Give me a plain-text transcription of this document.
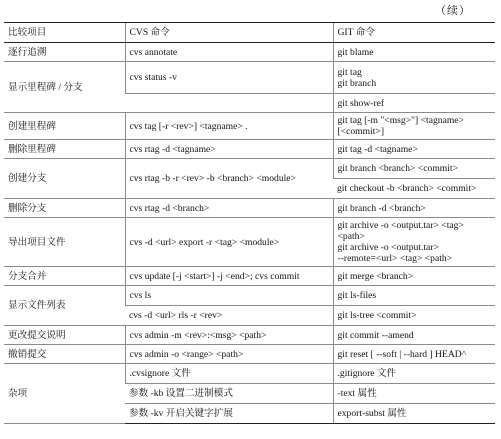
（续）
比较项目	CVS 命令	GIT 命令
逐行追溯	cvs annotate	git blame
显示里程碑 / 分支	cvs status -v	git tag
git branch

		git show-ref
创建里程碑	cvs tag [-r <rev>] <tagname> .	git tag [-m "<msg>"] <tagname>
[<commit>]

删除里程碑	cvs rtag -d <tagname>	git tag -d <tagname>
创建分支	cvs rtag -b -r <rev> -b <branch> <module>	git branch <branch> <commit>
		git checkout -b <branch> <commit>
删除分支	cvs rtag -d <branch>	git branch -d <branch>
导出项目文件	cvs -d <url> export -r <tag> <module>	git archive -o <output.tar> <tag>
<path>
git archive -o <output.tar>
--remote=<url> <tag> <path>

分支合并	cvs update [-j <start>] -j <end>; cvs commit	git merge <branch>
显示文件列表	cvs ls	git ls-files
	cvs -d <url> rls -r <rev>	git ls-tree <commit>
更改提交说明	cvs admin -m <rev>:<msg> <path>	git commit --amend
撤销提交	cvs admin -o <range> <path>	git reset [ --soft | --hard ] HEAD^
杂项	.cvsignore 文件	.gitignore 文件
	参数 -kb 设置二进制模式	-text 属性
	参数 -kv 开启关键字扩展	export-subst 属性
